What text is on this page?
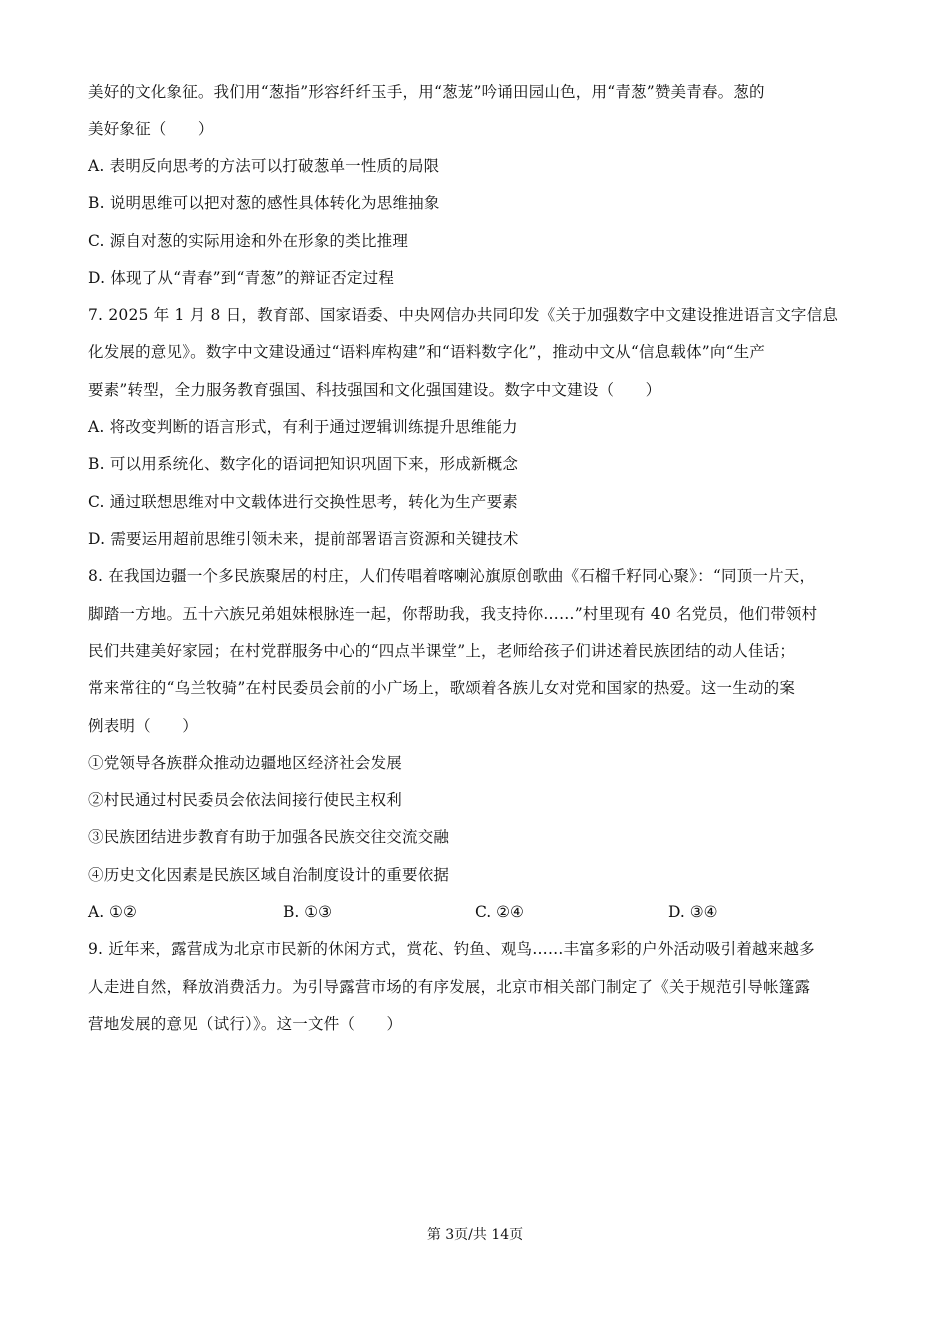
美好的文化象征。我们用“葱指”形容纤纤玉手，用“葱茏”吟诵田园山色，用“青葱”赞美青春。葱的
美好象征（　　）
A. 表明反向思考的方法可以打破葱单一性质的局限
B. 说明思维可以把对葱的感性具体转化为思维抽象
C. 源自对葱的实际用途和外在形象的类比推理
D. 体现了从“青春”到“青葱”的辩证否定过程
7. 2025 年 1 月 8 日，教育部、国家语委、中央网信办共同印发《关于加强数字中文建设推进语言文字信息
化发展的意见》。数字中文建设通过“语料库构建”和“语料数字化”，推动中文从“信息载体”向“生产
要素”转型，全力服务教育强国、科技强国和文化强国建设。数字中文建设（　　）
A. 将改变判断的语言形式，有利于通过逻辑训练提升思维能力
B. 可以用系统化、数字化的语词把知识巩固下来，形成新概念
C. 通过联想思维对中文载体进行交换性思考，转化为生产要素
D. 需要运用超前思维引领未来，提前部署语言资源和关键技术
8. 在我国边疆一个多民族聚居的村庄，人们传唱着喀喇沁旗原创歌曲《石榴千籽同心聚》：“同顶一片天，
脚踏一方地。五十六族兄弟姐妹根脉连一起，你帮助我，我支持你……”村里现有 40 名党员，他们带领村
民们共建美好家园；在村党群服务中心的“四点半课堂”上，老师给孩子们讲述着民族团结的动人佳话；
常来常往的“乌兰牧骑”在村民委员会前的小广场上，歌颂着各族儿女对党和国家的热爱。这一生动的案
例表明（　　）
①党领导各族群众推动边疆地区经济社会发展
②村民通过村民委员会依法间接行使民主权利
③民族团结进步教育有助于加强各民族交往交流交融
④历史文化因素是民族区域自治制度设计的重要依据
A. ①②	B. ①③	C. ②④	D. ③④
9. 近年来，露营成为北京市民新的休闲方式，赏花、钓鱼、观鸟……丰富多彩的户外活动吸引着越来越多
人走进自然，释放消费活力。为引导露营市场的有序发展，北京市相关部门制定了《关于规范引导帐篷露
营地发展的意见（试行）》。这一文件（　　）
第 3页/共 14页
